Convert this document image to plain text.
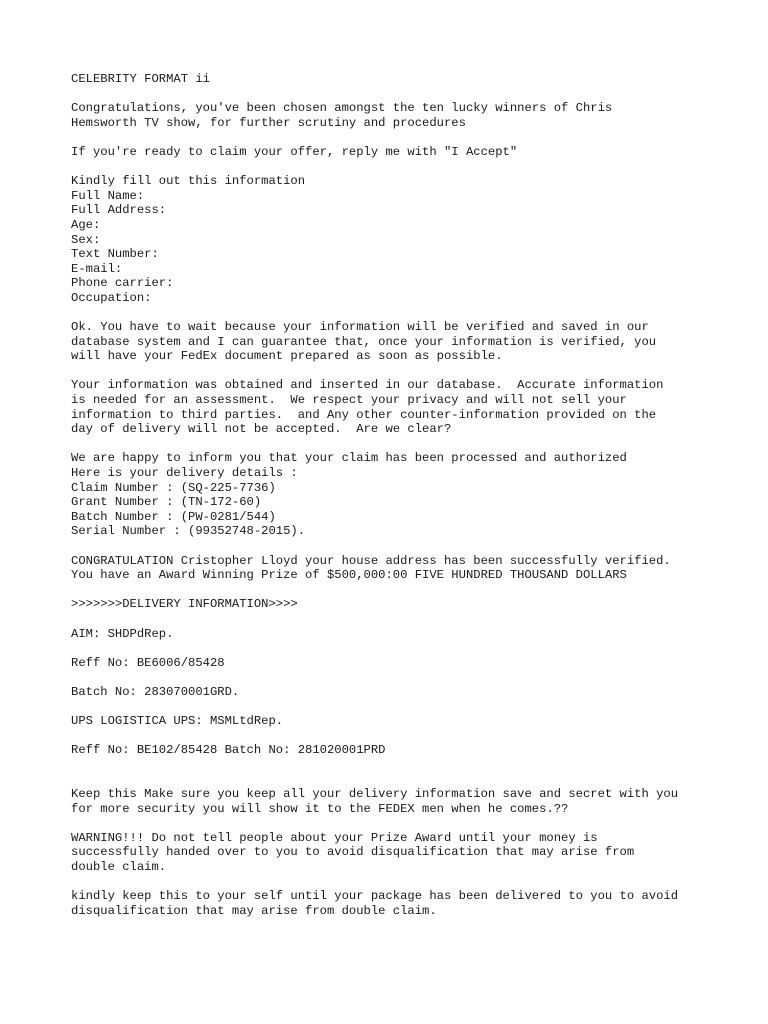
CELEBRITY FORMAT ii

Congratulations, you've been chosen amongst the ten lucky winners of Chris
Hemsworth TV show, for further scrutiny and procedures

If you're ready to claim your offer, reply me with "I Accept"

Kindly fill out this information
Full Name:
Full Address:
Age:
Sex:
Text Number:
E-mail:
Phone carrier:
Occupation:

Ok. You have to wait because your information will be verified and saved in our
database system and I can guarantee that, once your information is verified, you
will have your FedEx document prepared as soon as possible.

Your information was obtained and inserted in our database.  Accurate information
is needed for an assessment.  We respect your privacy and will not sell your
information to third parties.  and Any other counter-information provided on the
day of delivery will not be accepted.  Are we clear?

We are happy to inform you that your claim has been processed and authorized
Here is your delivery details :
Claim Number : (SQ-225-7736)
Grant Number : (TN-172-60)
Batch Number : (PW-0281/544)
Serial Number : (99352748-2015).

CONGRATULATION Cristopher Lloyd your house address has been successfully verified.
You have an Award Winning Prize of $500,000:00 FIVE HUNDRED THOUSAND DOLLARS

>>>>>>>DELIVERY INFORMATION>>>>

AIM: SHDPdRep.

Reff No: BE6006/85428

Batch No: 283070001GRD.

UPS LOGISTICA UPS: MSMLtdRep.

Reff No: BE102/85428 Batch No: 281020001PRD

Keep this Make sure you keep all your delivery information save and secret with you
for more security you will show it to the FEDEX men when he comes.??

WARNING!!! Do not tell people about your Prize Award until your money is
successfully handed over to you to avoid disqualification that may arise from
double claim.

kindly keep this to your self until your package has been delivered to you to avoid
disqualification that may arise from double claim.
